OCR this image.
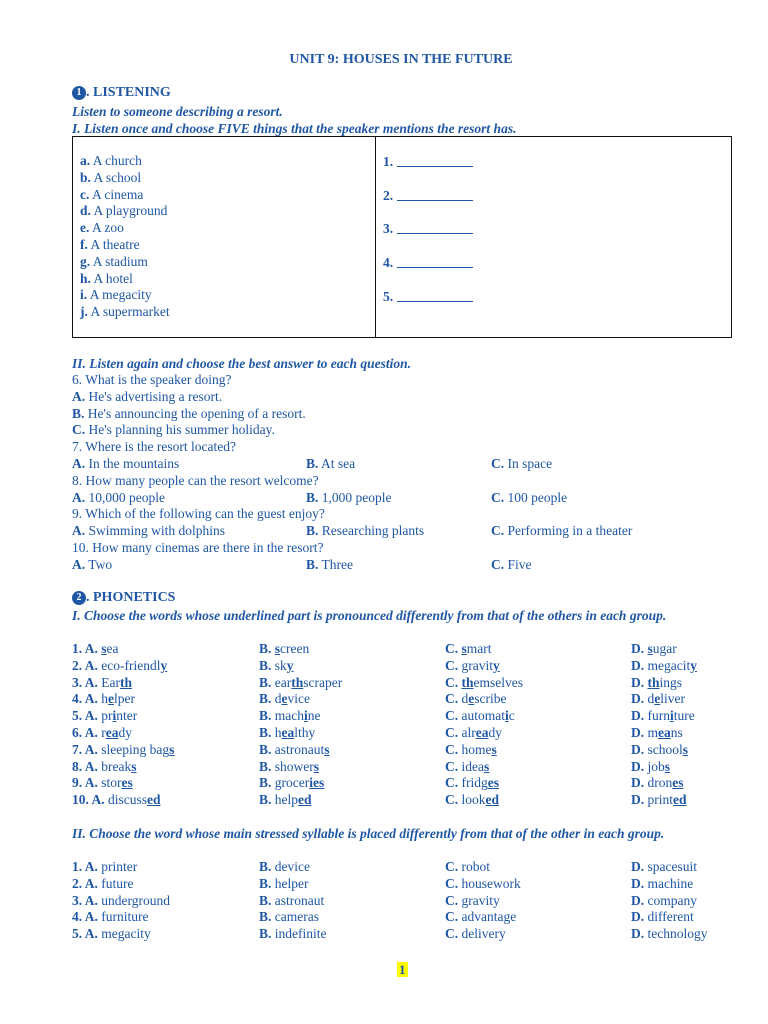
UNIT 9: HOUSES IN THE FUTURE
1 . LISTENING
Listen to someone describing a resort.
I. Listen once and choose FIVE things that the speaker mentions the resort has.
a. A church
b. A school
c. A cinema
d. A playground
e. A zoo
f. A theatre
g. A stadium
h. A hotel
i. A megacity
j. A supermarket

1.
2.
3.
4.
5.
II. Listen again and choose the best answer to each question.
6. What is the speaker doing?
A. He's advertising a resort.
B. He's announcing the opening of a resort.
C. He's planning his summer holiday.
7. Where is the resort located?
A. In the mountains	B. At sea	C. In space
8. How many people can the resort welcome?
A. 10,000 people	B. 1,000 people	C. 100 people
9. Which of the following can the guest enjoy?
A. Swimming with dolphins	B. Researching plants	C. Performing in a theater
10. How many cinemas are there in the resort?
A. Two	B. Three	C. Five
2 . PHONETICS
I. Choose the words whose underlined part is pronounced differently from that of the others in each group.
1. A. sea	B. screen	C. smart	D. sugar
2. A. eco-friendly	B. sky	C. gravity	D. megacity
3. A. Earth	B. earthscraper	C. themselves	D. things
4. A. helper	B. device	C. describe	D. deliver
5. A. printer	B. machine	C. automatic	D. furniture
6. A. ready	B. healthy	C. already	D. means
7. A. sleeping bags	B. astronauts	C. homes	D. schools
8. A. breaks	B. showers	C. ideas	D. jobs
9. A. stores	B. groceries	C. fridges	D. drones
10. A. discussed	B. helped	C. looked	D. printed
II. Choose the word whose main stressed syllable is placed differently from that of the other in each group.
1. A. printer	B. device	C. robot	D. spacesuit
2. A. future	B. helper	C. housework	D. machine
3. A. underground	B. astronaut	C. gravity	D. company
4. A. furniture	B. cameras	C. advantage	D. different
5. A. megacity	B. indefinite	C. delivery	D. technology
1
